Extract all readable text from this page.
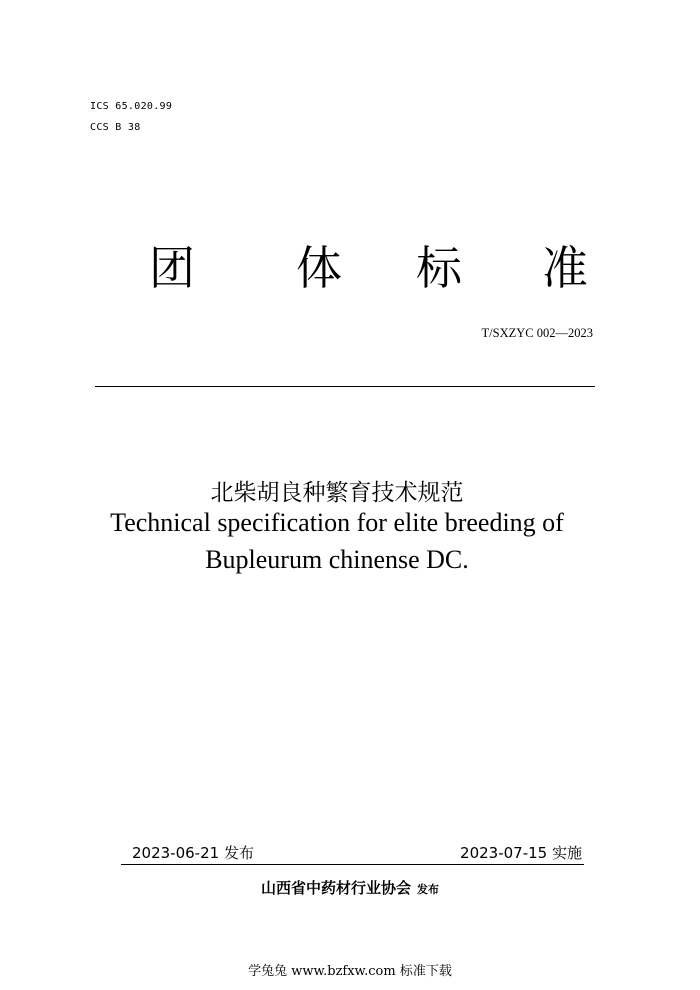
ICS 65.020.99
CCS B 38
团 体 标 准
T/SXZYC 002—2023
北柴胡良种繁育技术规范
Technical specification for elite breeding of
Bupleurum chinense DC.
2023-06-21 发布	2023-07-15 实施
山西省中药材行业协会 发布
学兔兔 www.bzfxw.com 标准下载
